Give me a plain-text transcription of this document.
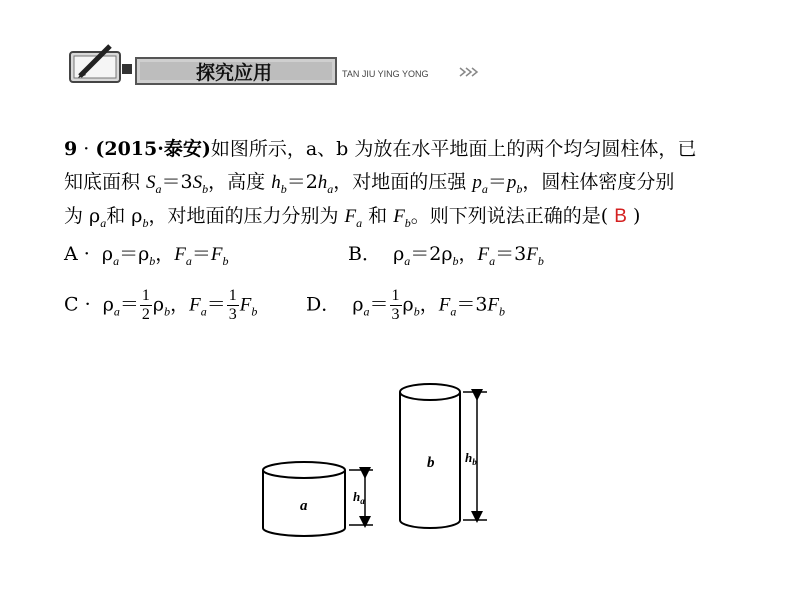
探究应用	TAN JIU YING YONG
9 · (2015·泰安)如图所示，a、b 为放在水平地面上的两个均匀圆柱体，已
知底面积 $S_a=3S_b$，高度 $h_b=2h_a$，对地面的压强 $p_a=p_b$，圆柱体密度分别
为 $\rho_a$和 $\rho_b$，对地面的压力分别为 $F_a$ 和 $F_b$。则下列说法正确的是( B )
$A \cdot \rho_a=\rho_b$，$F_a=F_b$	B． $\rho_a=2\rho_b$，$F_a=3F_b$
$C \cdot \rho_a= \frac{1}{2} \rho_b$，$F_a= \frac{1}{3} F_b$	D． $\rho_a= \frac{1}{3} \rho_b$，$F_a=3F_b$
a
$h_a$
b $h_b$
